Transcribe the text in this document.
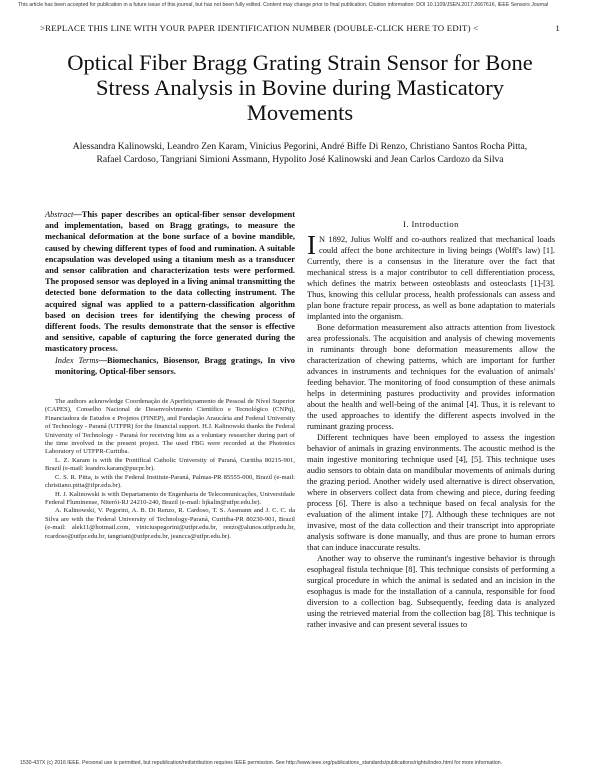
This article has been accepted for publication in a future issue of this journal, but has not been fully edited. Content may change prior to final publication. Citation information: DOI 10.1109/JSEN.2017.2667616, IEEE Sensors Journal
>REPLACE THIS LINE WITH YOUR PAPER IDENTIFICATION NUMBER (DOUBLE-CLICK HERE TO EDIT) <	1
Optical Fiber Bragg Grating Strain Sensor for Bone Stress Analysis in Bovine during Masticatory Movements
Alessandra Kalinowski, Leandro Zen Karam, Vinicius Pegorini, André Biffe Di Renzo, Christiano Santos Rocha Pitta, Rafael Cardoso, Tangriani Simioni Assmann, Hypolito José Kalinowski and Jean Carlos Cardozo da Silva

Abstract—This paper describes an optical-fiber sensor development and implementation, based on Bragg gratings, to measure the mechanical deformation at the bone surface of a bovine mandible, caused by chewing different types of food and rumination. A suitable encapsulation was developed using a titanium mesh as a transducer and sensor calibration and characterization tests were performed. The proposed sensor was deployed in a living animal transmitting the detected bone deformation to the data collecting instrument. The acquired signal was applied to a pattern-classification algorithm based on decision trees for identifying the chewing process of different foods. The results demonstrate that the sensor is effective and sensitive, capable of capturing the force generated during the masticatory process.

Index Terms—Biomechanics, Biosensor, Bragg gratings, In vivo monitoring, Optical-fiber sensors.

The authors acknowledge Coordenação de Aperfeiçoamento de Pessoal de Nível Superior (CAPES), Conselho Nacional de Desenvolvimento Científico e Tecnológico (CNPq), Financiadora de Estudos e Projetos (FINEP), and Fundação Araucária and Federal University of Technology - Paraná (UTFPR) for the financial support. H.J. Kalinowski thanks the Federal University of Technology - Paraná for receiving him as a voluntary researcher during part of the time involved in the present project. The used FBG were recorded at the Photonics Laboratory of UTFPR-Curitiba.

L. Z. Karam is with the Pontifical Catholic University of Paraná, Curitiba 80215-901, Brazil (e-mail: leandro.karam@pucpr.br).

C. S. R. Pitta, is with the Federal Institute-Paraná, Palmas-PR 85555-000, Brazil (e-mail: christiano.pitta@ifpr.edu.br).

H. J. Kalinowski is with Departamento de Engenharia de Telecomunicações, Universidade Federal Fluminense, Niterói-RJ 24210-240, Brazil (e-mail: hjkalin@utfpr.edu.br).

A. Kalinowski, V. Pegorini, A. B. Di Renzo, R. Cardoso, T. S. Assmann and J. C. C. da Silva are with the Federal University of Technology-Paraná, Curitiba-PR 80230-901, Brazil (e-mail: alek11@hotmail.com, viniciuspegorini@utfpr.edu.br, renzo@alunos.utfpr.edu.br, rcardoso@utfpr.edu.br, tangriani@utfpr.edu.br, jeanccs@utfpr.edu.br).

I. Introduction

I N 1892, Julius Wolff and co-authors realized that mechanical loads could affect the bone architecture in living beings (Wolff's law) [1]. Currently, there is a consensus in the literature over the fact that mechanical stress is a major contributor to cell differentiation process, which defines the matrix between osteoblasts and osteoclasts [1]-[3]. Thus, knowing this cellular process, health professionals can assess and plan bone fracture repair process, as well as bone adaptation to materials implanted into the organism.

Bone deformation measurement also attracts attention from livestock area professionals. The acquisition and analysis of chewing movements in ruminants through bone deformation measurements allow the characterization of chewing patterns, which are important for further advances in instruments and techniques for the evaluation of animals' feeding behavior. The monitoring of food consumption of these animals helps in determining pastures productivity and provides information about the health and well-being of the animal [4]. Thus, it is relevant to the used approaches to identify the different aspects involved in the ruminant grazing process.

Different techniques have been employed to assess the ingestion behavior of animals in grazing environments. The acoustic method is the main ingestive monitoring technique used [4], [5]. This technique uses audio sensors to obtain data on mandibular movements of animals during the grazing period. Another widely used alternative is direct observation, where in observers collect data from chewing and piece, during feeding process [6]. There is also a technique based on fecal analysis for the evaluation of the aliment intake [7]. Although these techniques are not invasive, most of the data collection and their transcript into appropriate analysis software is done manually, and thus are prone to human errors that can induce inaccurate results.

Another way to observe the ruminant's ingestive behavior is through esophageal fistula technique [8]. This technique consists of performing a surgical procedure in which the animal is sedated and an incision in the esophagus is made for the installation of a cannula, responsible for food diversion to a collection bag. Subsequently, feeding data is analyzed using the retrieved material from the collection bag [8]. This technique is rather invasive and can present several issues to

1530-437X (c) 2016 IEEE. Personal use is permitted, but republication/redistribution requires IEEE permission. See http://www.ieee.org/publications_standards/publications/rights/index.html for more information.
